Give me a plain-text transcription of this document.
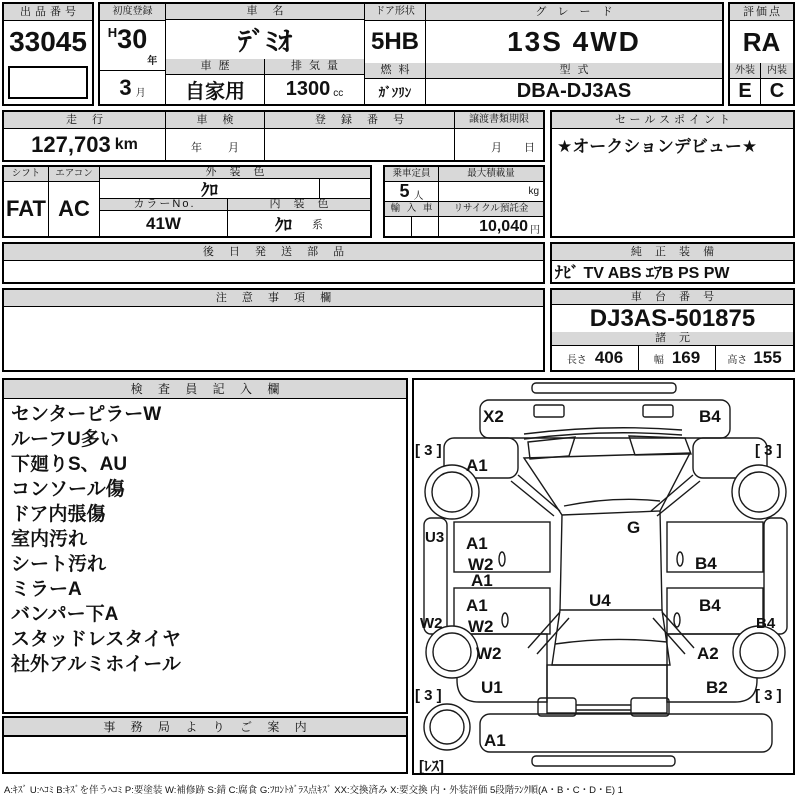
出品番号
33045
初度登録
H 30
年
3 月
車 名
ﾃﾞﾐｵ
車 歴
自家用
排 気 量
1300 cc
ドア形状
5HB
燃 料
ｶﾞｿﾘﾝ
グ レ ー ド
13S 4WD
型 式
DBA-DJ3AS
評価点
RA
外装	内装
E C
走 行
127,703 km
車 検
年 月
登 録 番 号	譲渡書類期限
月 日
セールスポイント
★オークションデビュー★
シフト
FAT
エアコン
AC
外 装 色
ｸﾛ
カラーNo.	内 装 色
41W	ｸﾛ 系
乗車定員
5 人
輸 入 車
最大積載量
kg
リサイクル預託金
10,040 円
後 日 発 送 部 品	純 正 装 備
ﾅﾋﾞ TV ABS ｴｱB PS PW
注 意 事 項 欄	車 台 番 号
DJ3AS-501875
諸 元
長さ 406	幅 169	高さ 155
検 査 員 記 入 欄
センターピラーW
ルーフU多い
下廻りS、AU
コンソール傷
ドア内張傷
室内汚れ
シート汚れ
ミラーA
バンパー下A
スタッドレスタイヤ
社外アルミホイール
事 務 局 よ り ご 案 内
X2	B4
[ 3 ]	[ 3 ]
A1
U3 A1
W2
G
B4
A1
A1	U4	B4
W2
W2	B4
W2	A2
U1	B2
[ 3 ]	[ 3 ]
A1
[ﾚｽ]
A:ｷｽﾞ U:ﾍｺﾐ B:ｷｽﾞを伴うﾍｺﾐ P:要塗装 W:補修跡 S:錆 C:腐食 G:ﾌﾛﾝﾄｶﾞﾗｽ点ｷｽﾞ XX:交換済み X:要交換 内・外装評価 5段階ﾗﾝｸ順(A・B・C・D・E) 1
